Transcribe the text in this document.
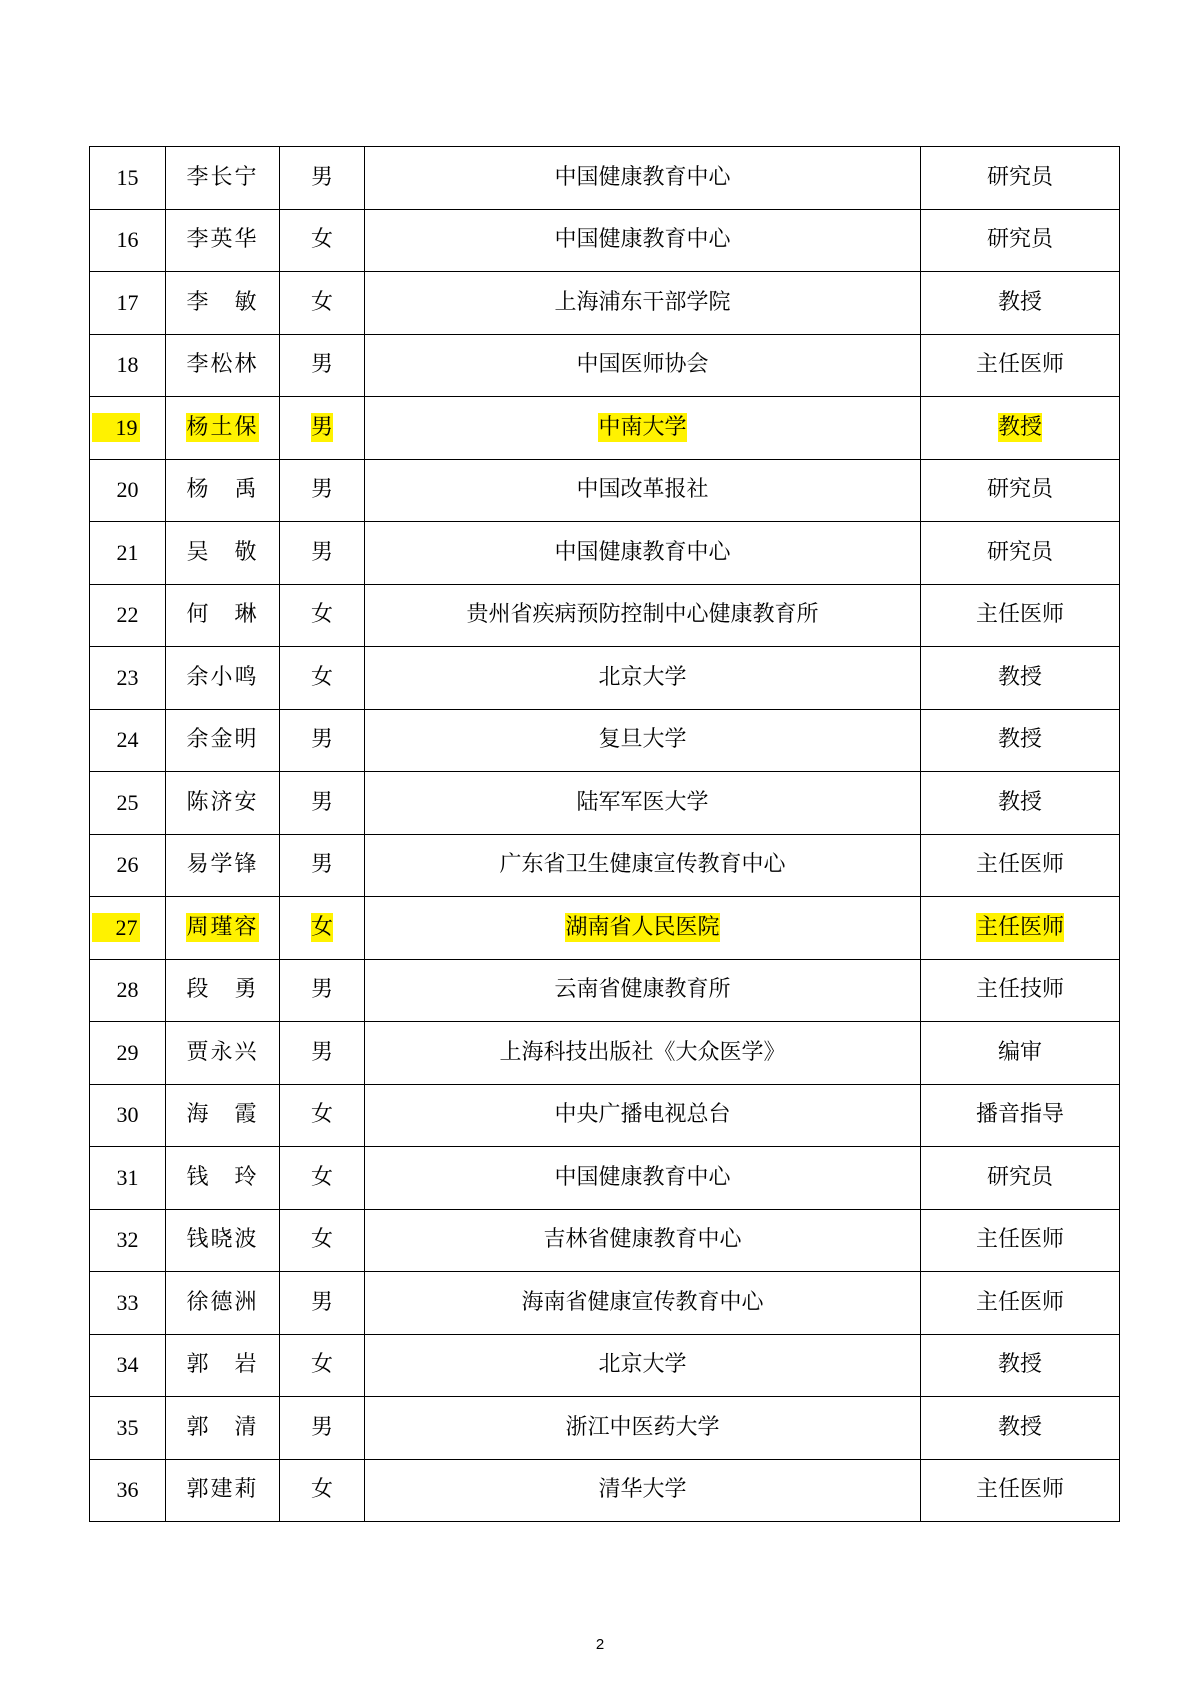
15	李长宁	男	中国健康教育中心	研究员
16	李英华	女	中国健康教育中心	研究员
17	李　敏	女	上海浦东干部学院	教授
18	李松林	男	中国医师协会	主任医师
19	杨土保	男	中南大学	教授
20	杨　禹	男	中国改革报社	研究员
21	吴　敬	男	中国健康教育中心	研究员
22	何　琳	女	贵州省疾病预防控制中心健康教育所	主任医师
23	余小鸣	女	北京大学	教授
24	余金明	男	复旦大学	教授
25	陈济安	男	陆军军医大学	教授
26	易学锋	男	广东省卫生健康宣传教育中心	主任医师
27	周瑾容	女	湖南省人民医院	主任医师
28	段　勇	男	云南省健康教育所	主任技师
29	贾永兴	男	上海科技出版社《大众医学》	编审
30	海　霞	女	中央广播电视总台	播音指导
31	钱　玲	女	中国健康教育中心	研究员
32	钱晓波	女	吉林省健康教育中心	主任医师
33	徐德洲	男	海南省健康宣传教育中心	主任医师
34	郭　岩	女	北京大学	教授
35	郭　清	男	浙江中医药大学	教授
36	郭建莉	女	清华大学	主任医师
2
